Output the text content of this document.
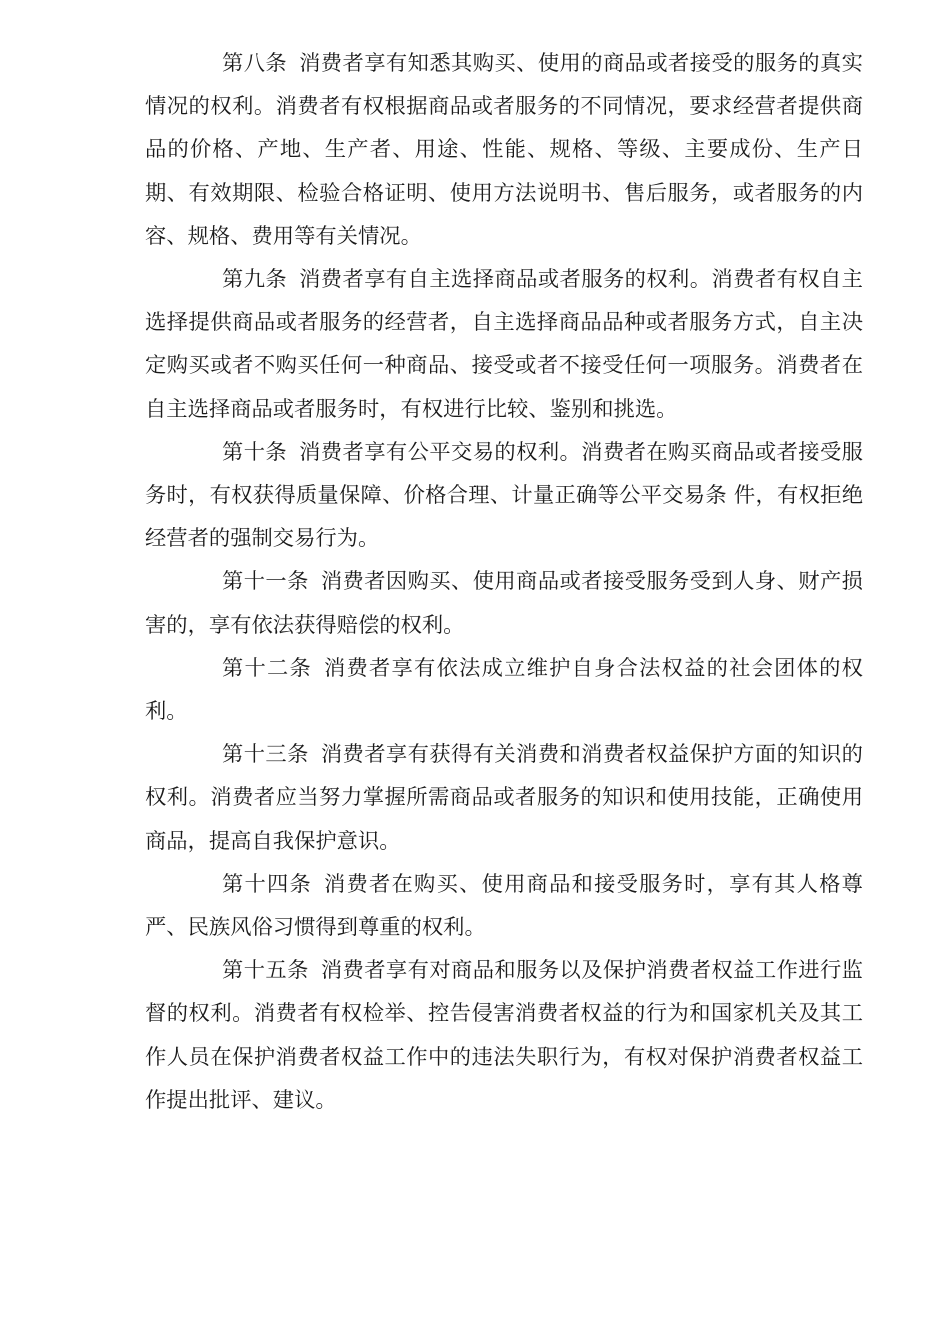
第八条 消费者享有知悉其购买、使用的商品或者接受的服务的真实情况的权利。消费者有权根据商品或者服务的不同情况，要求经营者提供商品的价格、产地、生产者、用途、性能、规格、等级、主要成份、生产日期、有效期限、检验合格证明、使用方法说明书、售后服务，或者服务的内容、规格、费用等有关情况。

第九条 消费者享有自主选择商品或者服务的权利。消费者有权自主选择提供商品或者服务的经营者，自主选择商品品种或者服务方式，自主决定购买或者不购买任何一种商品、接受或者不接受任何一项服务。消费者在自主选择商品或者服务时，有权进行比较、鉴别和挑选。

第十条 消费者享有公平交易的权利。消费者在购买商品或者接受服务时，有权获得质量保障、价格合理、计量正确等公平交易条 件，有权拒绝经营者的强制交易行为。

第十一条 消费者因购买、使用商品或者接受服务受到人身、财产损害的，享有依法获得赔偿的权利。

第十二条 消费者享有依法成立维护自身合法权益的社会团体的权利。

第十三条 消费者享有获得有关消费和消费者权益保护方面的知识的权利。消费者应当努力掌握所需商品或者服务的知识和使用技能，正确使用商品，提高自我保护意识。

第十四条 消费者在购买、使用商品和接受服务时，享有其人格尊严、民族风俗习惯得到尊重的权利。

第十五条 消费者享有对商品和服务以及保护消费者权益工作进行监督的权利。消费者有权检举、控告侵害消费者权益的行为和国家机关及其工作人员在保护消费者权益工作中的违法失职行为，有权对保护消费者权益工作提出批评、建议。
